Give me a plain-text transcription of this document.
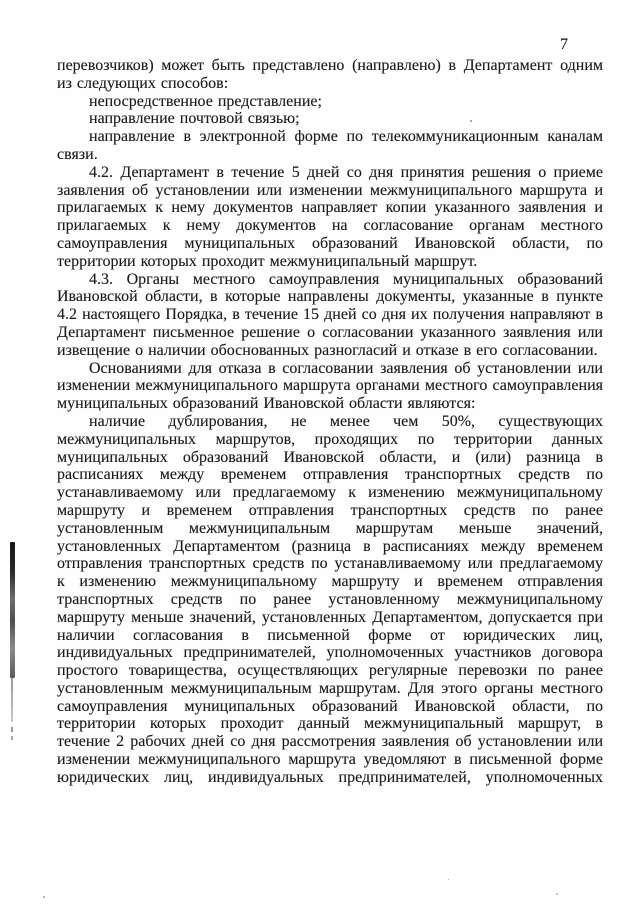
7

перевозчиков) может быть представлено (направлено) в Департамент одним из следующих способов:

непосредственное представление;

направление почтовой связью;

направление в электронной форме по телекоммуникационным каналам связи.

4.2. Департамент в течение 5 дней со дня принятия решения о приеме заявления об установлении или изменении межмуниципального маршрута и прилагаемых к нему документов направляет копии указанного заявления и прилагаемых к нему документов на согласование органам местного самоуправления муниципальных образований Ивановской области, по территории которых проходит межмуниципальный маршрут.

4.3. Органы местного самоуправления муниципальных образований Ивановской области, в которые направлены документы, указанные в пункте 4.2 настоящего Порядка, в течение 15 дней со дня их получения направляют в Департамент письменное решение о согласовании указанного заявления или извещение о наличии обоснованных разногласий и отказе в его согласовании.

Основаниями для отказа в согласовании заявления об установлении или изменении межмуниципального маршрута органами местного самоуправления муниципальных образований Ивановской области являются:

наличие дублирования, не менее чем 50%, существующих межмуниципальных маршрутов, проходящих по территории данных муниципальных образований Ивановской области, и (или) разница в расписаниях между временем отправления транспортных средств по устанавливаемому или предлагаемому к изменению межмуниципальному маршруту и временем отправления транспортных средств по ранее установленным межмуниципальным маршрутам меньше значений, установленных Департаментом (разница в расписаниях между временем отправления транспортных средств по устанавливаемому или предлагаемому к изменению межмуниципальному маршруту и временем отправления транспортных средств по ранее установленному межмуниципальному маршруту меньше значений, установленных Департаментом, допускается при наличии согласования в письменной форме от юридических лиц, индивидуальных предпринимателей, уполномоченных участников договора простого товарищества, осуществляющих регулярные перевозки по ранее установленным межмуниципальным маршрутам. Для этого органы местного самоуправления муниципальных образований Ивановской области, по территории которых проходит данный межмуниципальный маршрут, в течение 2 рабочих дней со дня рассмотрения заявления об установлении или изменении межмуниципального маршрута уведомляют в письменной форме юридических лиц, индивидуальных предпринимателей, уполномоченных
